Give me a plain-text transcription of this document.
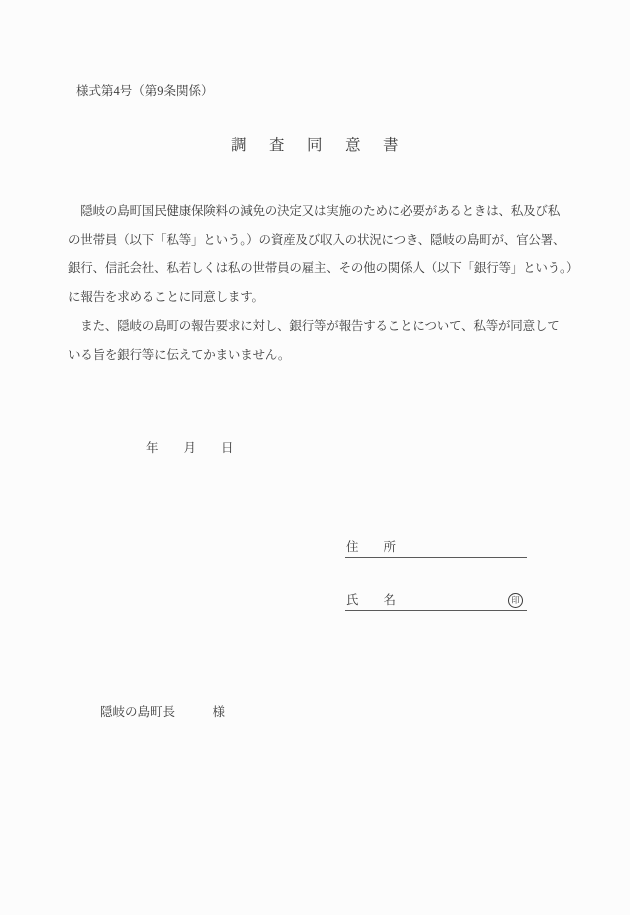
様式第4号（第9条関係）
調査同意書
　隠岐の島町国民健康保険料の減免の決定又は実施のために必要があるときは、私及び私
の世帯員（以下「私等」という。）の資産及び収入の状況につき、隠岐の島町が、官公署、
銀行、信託会社、私若しくは私の世帯員の雇主、その他の関係人（以下「銀行等」という。）
に報告を求めることに同意します。
　また、隠岐の島町の報告要求に対し、銀行等が報告することについて、私等が同意して
いる旨を銀行等に伝えてかまいません。
年　　月　　日
住　　所
氏　　名	印
隠岐の島町長　　　様
